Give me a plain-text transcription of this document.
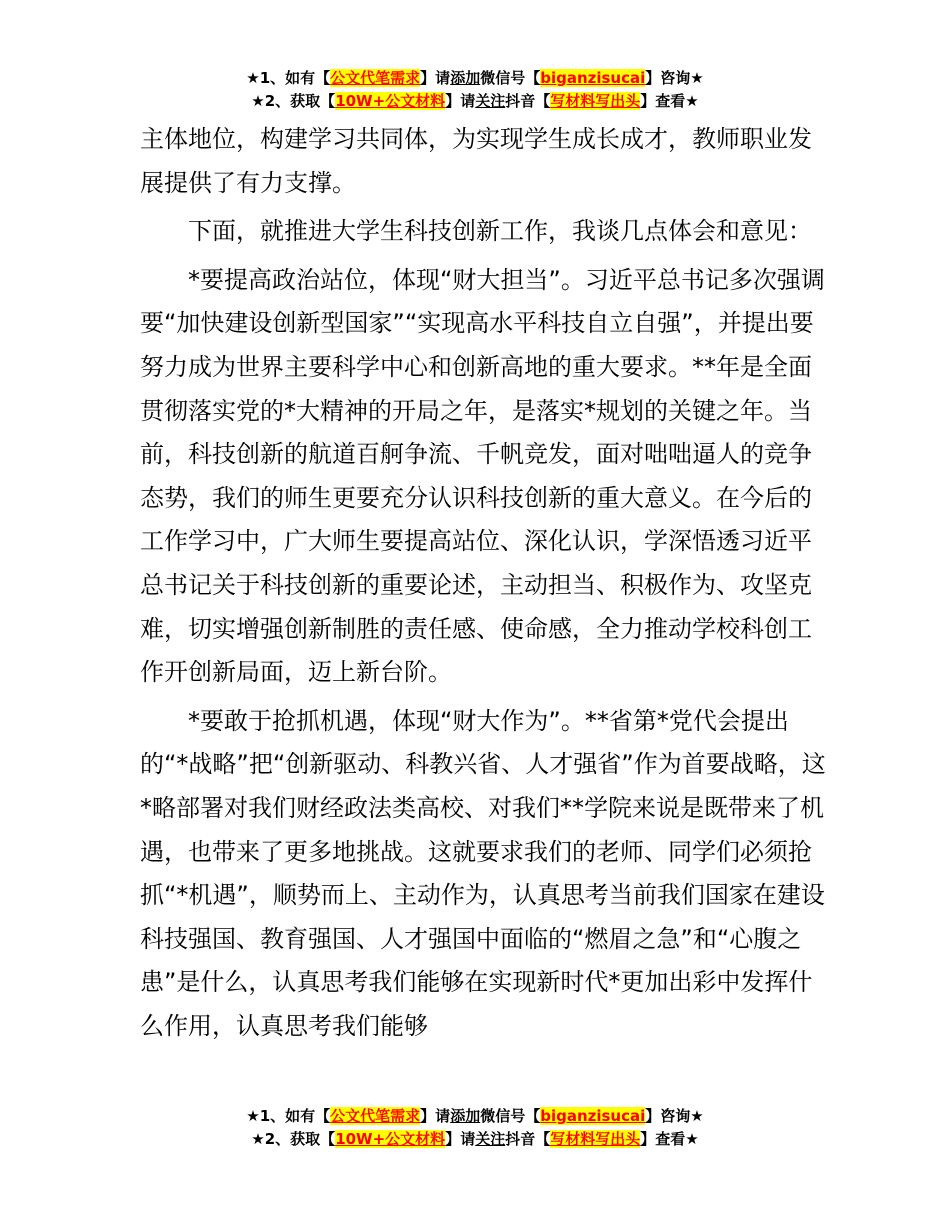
★1、如有【公文代笔需求】请添加微信号【biganzisucai】咨询★
★2、获取【10W+公文材料】请关注抖音【写材料写出头】查看★

主体地位，构建学习共同体，为实现学生成长成才，教师职业发展提供了有力支撑。

下面，就推进大学生科技创新工作，我谈几点体会和意见：

*要提高政治站位，体现“财大担当”。习近平总书记多次强调要“加快建设创新型国家”“实现高水平科技自立自强”，并提出要努力成为世界主要科学中心和创新高地的重大要求。**年是全面贯彻落实党的*大精神的开局之年，是落实*规划的关键之年。当前，科技创新的航道百舸争流、千帆竞发，面对咄咄逼人的竞争态势，我们的师生更要充分认识科技创新的重大意义。在今后的工作学习中，广大师生要提高站位、深化认识，学深悟透习近平总书记关于科技创新的重要论述，主动担当、积极作为、攻坚克难，切实增强创新制胜的责任感、使命感，全力推动学校科创工作开创新局面，迈上新台阶。

*要敢于抢抓机遇，体现“财大作为”。**省第*党代会提出的“*战略”把“创新驱动、科教兴省、人才强省”作为首要战略，这*略部署对我们财经政法类高校、对我们**学院来说是既带来了机遇，也带来了更多地挑战。这就要求我们的老师、同学们必须抢抓“*机遇”，顺势而上、主动作为，认真思考当前我们国家在建设科技强国、教育强国、人才强国中面临的“燃眉之急”和“心腹之患”是什么，认真思考我们能够在实现新时代*更加出彩中发挥什么作用，认真思考我们能够

★1、如有【公文代笔需求】请添加微信号【biganzisucai】咨询★
★2、获取【10W+公文材料】请关注抖音【写材料写出头】查看★
